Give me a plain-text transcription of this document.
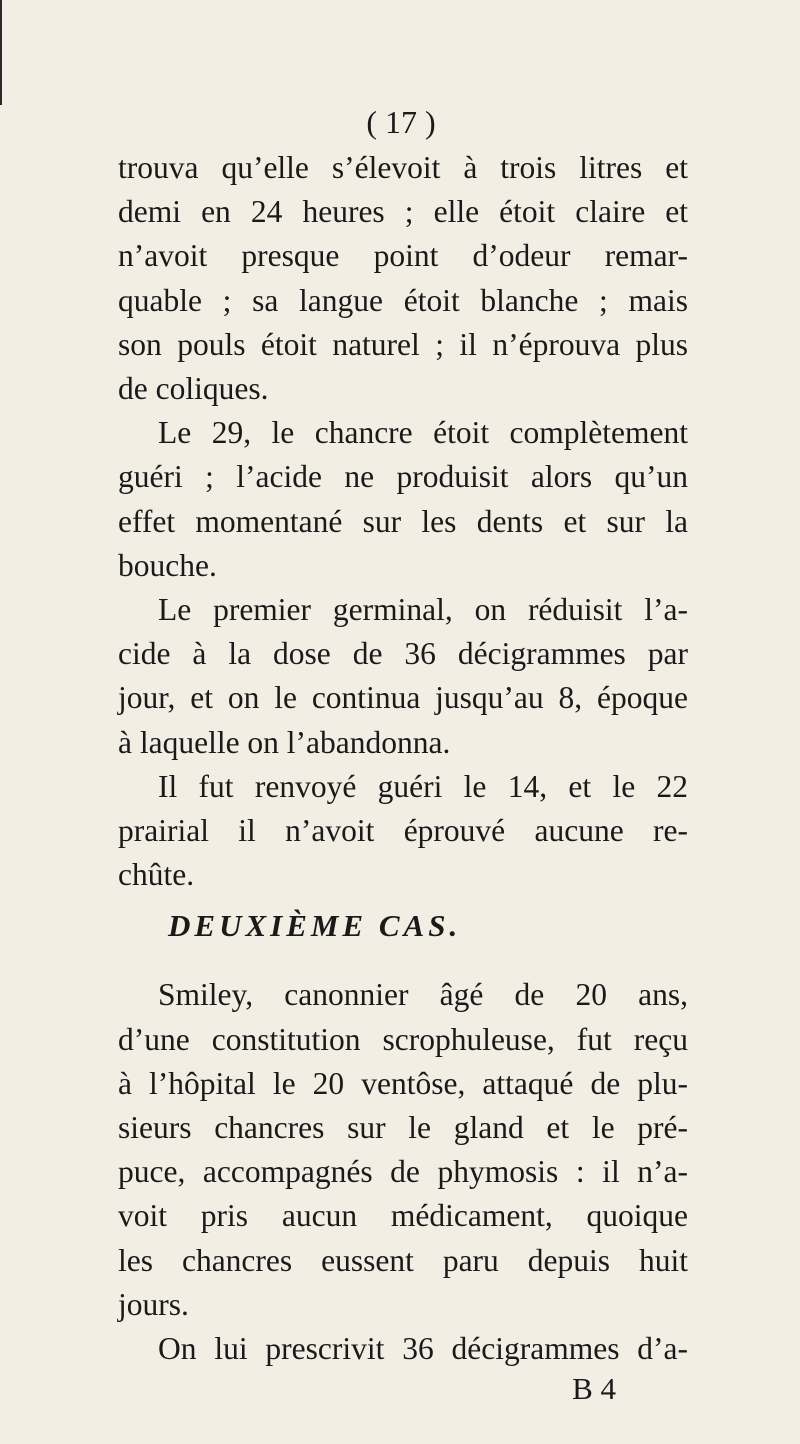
( 17 )
trouva qu’elle s’élevoit à trois litres et
demi en 24 heures ; elle étoit claire et
n’avoit presque point d’odeur remar-
quable ; sa langue étoit blanche ; mais
son pouls étoit naturel ; il n’éprouva plus
de coliques.
Le 29, le chancre étoit complètement
guéri ; l’acide ne produisit alors qu’un
effet momentané sur les dents et sur la
bouche.
Le premier germinal, on réduisit l’a-
cide à la dose de 36 décigrammes par
jour, et on le continua jusqu’au 8, époque
à laquelle on l’abandonna.
Il fut renvoyé guéri le 14, et le 22
prairial il n’avoit éprouvé aucune re-
chûte.
DEUXIÈME CAS.
Smiley, canonnier âgé de 20 ans,
d’une constitution scrophuleuse, fut reçu
à l’hôpital le 20 ventôse, attaqué de plu-
sieurs chancres sur le gland et le pré-
puce, accompagnés de phymosis : il n’a-
voit pris aucun médicament, quoique
les chancres eussent paru depuis huit
jours.
On lui prescrivit 36 décigrammes d’a-
B 4
